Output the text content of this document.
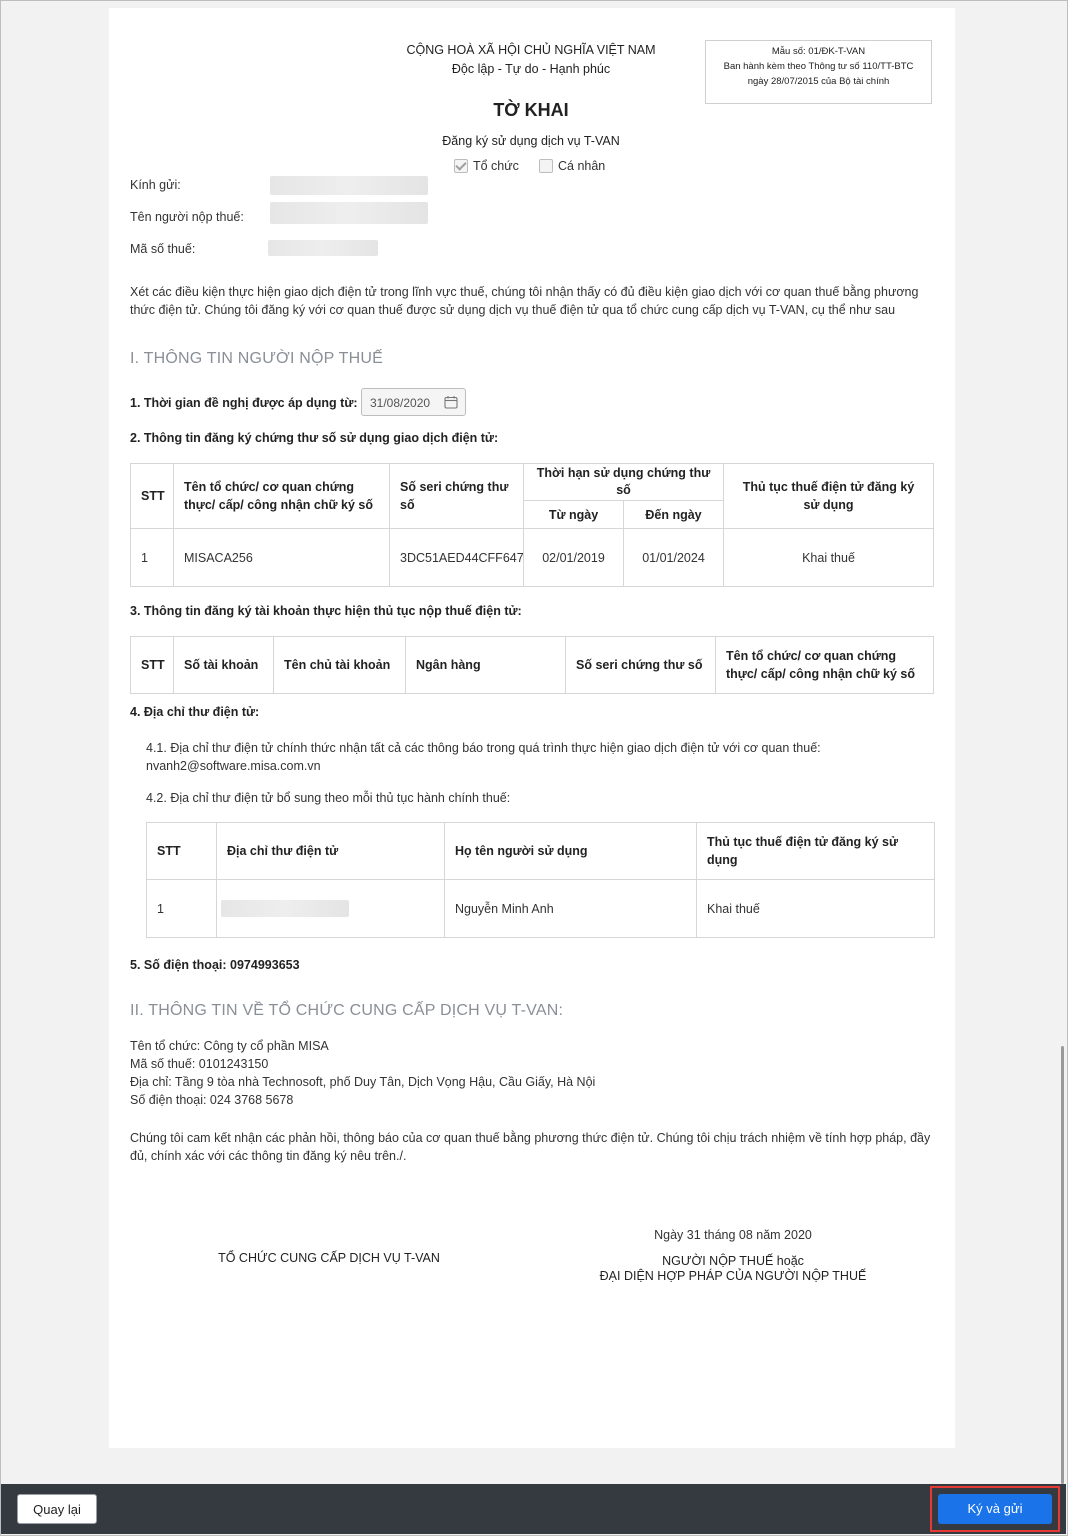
CỘNG HOÀ XÃ HỘI CHỦ NGHĨA VIỆT NAM
Độc lập - Tự do - Hạnh phúc
Mẫu số: 01/ĐK-T-VAN
Ban hành kèm theo Thông tư số 110/TT-BTC
ngày 28/07/2015 của Bộ tài chính
TỜ KHAI
Đăng ký sử dụng dịch vụ T-VAN
Tổ chức	Cá nhân
Kính gửi:
Tên người nộp thuế:
Mã số thuế:
Xét các điều kiện thực hiện giao dịch điện tử trong lĩnh vực thuế, chúng tôi nhận thấy có đủ điều kiện giao dịch với cơ quan thuế bằng phương thức điện tử. Chúng tôi đăng ký với cơ quan thuế được sử dụng dịch vụ thuế điện tử qua tổ chức cung cấp dịch vụ T-VAN, cụ thể như sau
I. THÔNG TIN NGƯỜI NỘP THUẾ
1. Thời gian đề nghị được áp dụng từ: 31/08/2020
2. Thông tin đăng ký chứng thư số sử dụng giao dịch điện tử:
STT	Tên tổ chức/ cơ quan chứng thực/ cấp/ công nhận chữ ký số	Số seri chứng thư số	Thời hạn sử dụng chứng thư số		Thủ tục thuế điện tử đăng ký sử dụng
			Từ ngày	Đến ngày	
1	MISACA256	3DC51AED44CFF647	02/01/2019	01/01/2024	Khai thuế
3. Thông tin đăng ký tài khoản thực hiện thủ tục nộp thuế điện tử:
STT	Số tài khoản	Tên chủ tài khoản	Ngân hàng	Số seri chứng thư số	Tên tổ chức/ cơ quan chứng thực/ cấp/ công nhận chữ ký số
4. Địa chỉ thư điện tử:
4.1. Địa chỉ thư điện tử chính thức nhận tất cả các thông báo trong quá trình thực hiện giao dịch điện tử với cơ quan thuế:
nvanh2@software.misa.com.vn
4.2. Địa chỉ thư điện tử bổ sung theo mỗi thủ tục hành chính thuế:
STT	Địa chỉ thư điện tử	Họ tên người sử dụng	Thủ tục thuế điện tử đăng ký sử dụng
1		Nguyễn Minh Anh	Khai thuế
5. Số điện thoại: 0974993653
II. THÔNG TIN VỀ TỔ CHỨC CUNG CẤP DỊCH VỤ T-VAN:
Tên tổ chức: Công ty cổ phần MISA
Mã số thuế: 0101243150
Địa chỉ: Tầng 9 tòa nhà Technosoft, phố Duy Tân, Dịch Vọng Hậu, Cầu Giấy, Hà Nội
Số điện thoại: 024 3768 5678
Chúng tôi cam kết nhận các phản hồi, thông báo của cơ quan thuế bằng phương thức điện tử. Chúng tôi chịu trách nhiệm về tính hợp pháp, đầy đủ, chính xác với các thông tin đăng ký nêu trên./.
Ngày 31 tháng 08 năm 2020
TỔ CHỨC CUNG CẤP DỊCH VỤ T-VAN	NGƯỜI NỘP THUẾ hoặc
ĐẠI DIỆN HỢP PHÁP CỦA NGƯỜI NỘP THUẾ
Quay lại	Ký và gửi
